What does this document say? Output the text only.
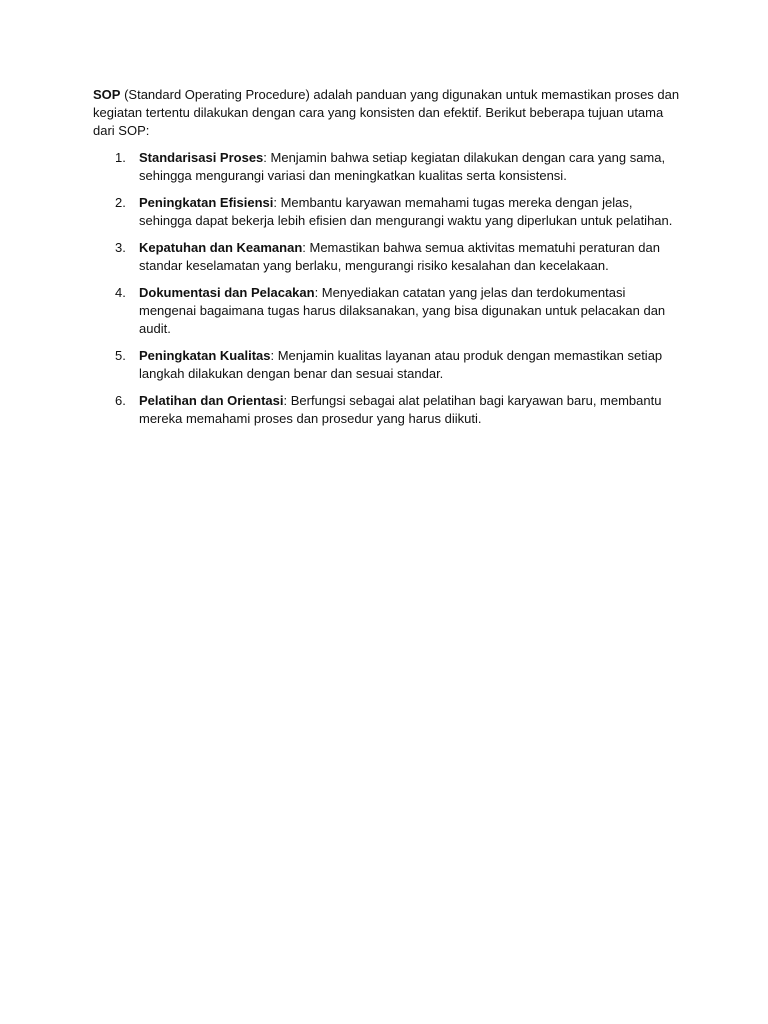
SOP (Standard Operating Procedure) adalah panduan yang digunakan untuk memastikan proses dan kegiatan tertentu dilakukan dengan cara yang konsisten dan efektif. Berikut beberapa tujuan utama dari SOP:

1. Standarisasi Proses: Menjamin bahwa setiap kegiatan dilakukan dengan cara yang sama, sehingga mengurangi variasi dan meningkatkan kualitas serta konsistensi.
2. Peningkatan Efisiensi: Membantu karyawan memahami tugas mereka dengan jelas, sehingga dapat bekerja lebih efisien dan mengurangi waktu yang diperlukan untuk pelatihan.
3. Kepatuhan dan Keamanan: Memastikan bahwa semua aktivitas mematuhi peraturan dan standar keselamatan yang berlaku, mengurangi risiko kesalahan dan kecelakaan.
4. Dokumentasi dan Pelacakan: Menyediakan catatan yang jelas dan terdokumentasi mengenai bagaimana tugas harus dilaksanakan, yang bisa digunakan untuk pelacakan dan audit.
5. Peningkatan Kualitas: Menjamin kualitas layanan atau produk dengan memastikan setiap langkah dilakukan dengan benar dan sesuai standar.
6. Pelatihan dan Orientasi: Berfungsi sebagai alat pelatihan bagi karyawan baru, membantu mereka memahami proses dan prosedur yang harus diikuti.
